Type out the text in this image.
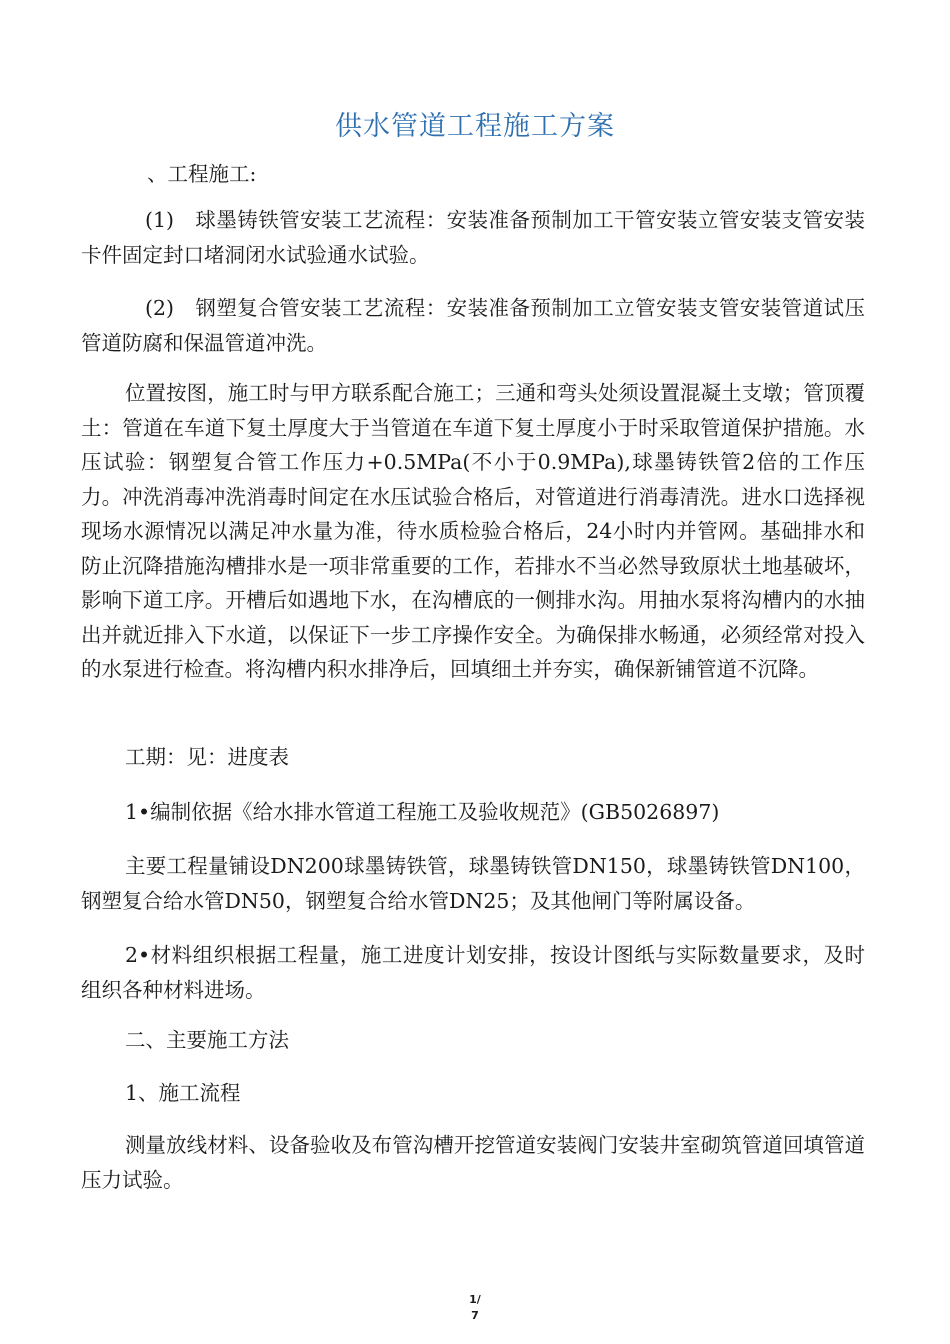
供水管道工程施工方案

、工程施工:

(1)　球墨铸铁管安装工艺流程：安装准备预制加工干管安装立管安装支管安装卡件固定封口堵洞闭水试验通水试验。

(2)　钢塑复合管安装工艺流程：安装准备预制加工立管安装支管安装管道试压管道防腐和保温管道冲洗。

位置按图，施工时与甲方联系配合施工；三通和弯头处须设置混凝土支墩；管顶覆土：管道在车道下复土厚度大于当管道在车道下复土厚度小于时采取管道保护措施。水压试验：钢塑复合管工作压力+0.5MPa(不小于0.9MPa),球墨铸铁管2倍的工作压力。冲洗消毒冲洗消毒时间定在水压试验合格后，对管道进行消毒清洗。进水口选择视现场水源情况以满足冲水量为准，待水质检验合格后，24小时内并管网。基础排水和防止沉降措施沟槽排水是一项非常重要的工作，若排水不当必然导致原状土地基破坏，影响下道工序。开槽后如遇地下水，在沟槽底的一侧排水沟。用抽水泵将沟槽内的水抽出并就近排入下水道，以保证下一步工序操作安全。为确保排水畅通，必须经常对投入的水泵进行检查。将沟槽内积水排净后，回填细土并夯实，确保新铺管道不沉降。

工期：见：进度表

1•编制依据《给水排水管道工程施工及验收规范》(GB5026897)

主要工程量铺设DN200球墨铸铁管，球墨铸铁管DN150，球墨铸铁管DN100，钢塑复合给水管DN50，钢塑复合给水管DN25；及其他闸门等附属设备。

2•材料组织根据工程量，施工进度计划安排，按设计图纸与实际数量要求，及时组织各种材料进场。

二、主要施工方法

1、施工流程

测量放线材料、设备验收及布管沟槽开挖管道安装阀门安装井室砌筑管道回填管道压力试验。

1/
7
